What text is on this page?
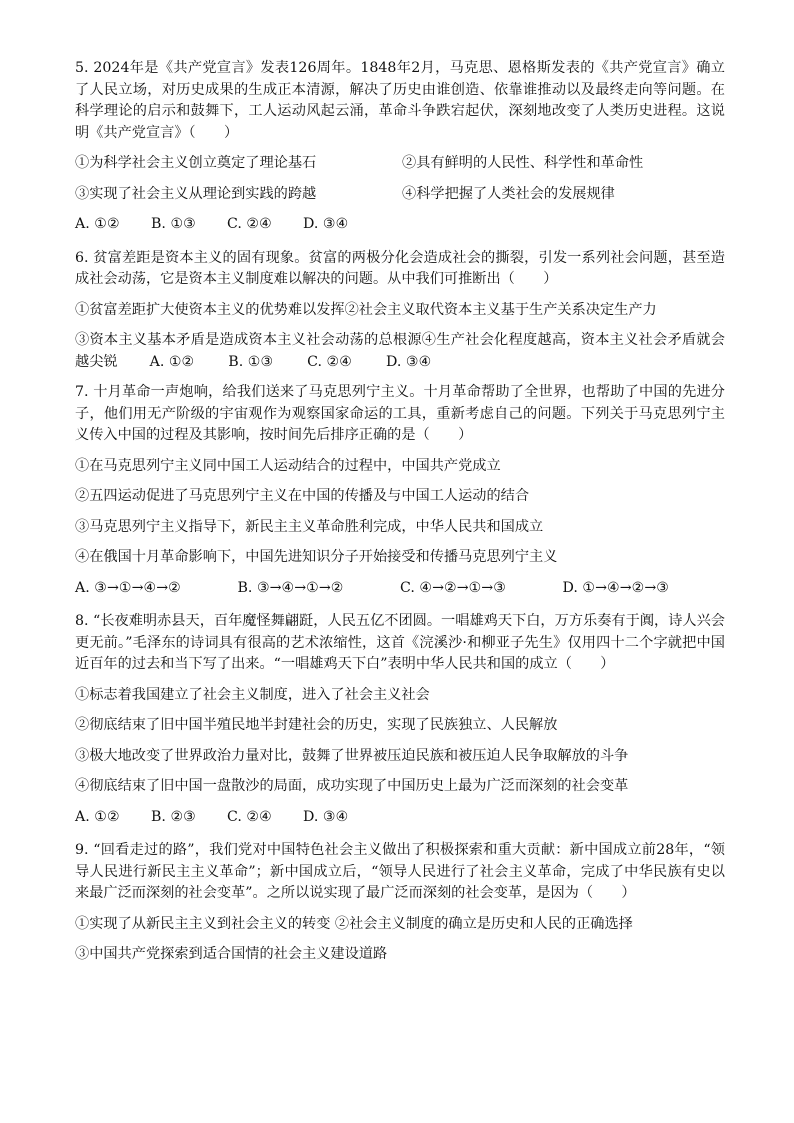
5. 2024年是《共产党宣言》发表126周年。1848年2月，马克思、恩格斯发表的《共产党宣言》确立了人民立场，对历史成果的生成正本清源，解决了历史由谁创造、依靠谁推动以及最终走向等问题。在科学理论的启示和鼓舞下，工人运动风起云涌，革命斗争跌宕起伏，深刻地改变了人类历史进程。这说明《共产党宣言》（　　）

①为科学社会主义创立奠定了理论基石	②具有鲜明的人民性、科学性和革命性
③实现了社会主义从理论到实践的跨越	④科学把握了人类社会的发展规律
A. ①②	B. ①③	C. ②④	D. ③④

6. 贫富差距是资本主义的固有现象。贫富的两极分化会造成社会的撕裂，引发一系列社会问题，甚至造成社会动荡，它是资本主义制度难以解决的问题。从中我们可推断出（　　）

①贫富差距扩大使资本主义的优势难以发挥②社会主义取代资本主义基于生产关系决定生产力

③资本主义基本矛盾是造成资本主义社会动荡的总根源④生产社会化程度越高，资本主义社会矛盾就会越尖锐 A. ①② B. ①③ C. ②④ D. ③④

7. 十月革命一声炮响，给我们送来了马克思列宁主义。十月革命帮助了全世界，也帮助了中国的先进分子，他们用无产阶级的宇宙观作为观察国家命运的工具，重新考虑自己的问题。下列关于马克思列宁主义传入中国的过程及其影响，按时间先后排序正确的是（　　）

①在马克思列宁主义同中国工人运动结合的过程中，中国共产党成立

②五四运动促进了马克思列宁主义在中国的传播及与中国工人运动的结合

③马克思列宁主义指导下，新民主主义革命胜利完成，中华人民共和国成立

④在俄国十月革命影响下，中国先进知识分子开始接受和传播马克思列宁主义

A. ③→①→④→②	B. ③→④→①→②	C. ④→②→①→③	D. ①→④→②→③

8. “长夜难明赤县天，百年魔怪舞翩跹，人民五亿不团圆。一唱雄鸡天下白，万方乐奏有于阗，诗人兴会更无前。”毛泽东的诗词具有很高的艺术浓缩性，这首《浣溪沙·和柳亚子先生》仅用四十二个字就把中国近百年的过去和当下写了出来。“一唱雄鸡天下白”表明中华人民共和国的成立（　　）

①标志着我国建立了社会主义制度，进入了社会主义社会

②彻底结束了旧中国半殖民地半封建社会的历史，实现了民族独立、人民解放

③极大地改变了世界政治力量对比，鼓舞了世界被压迫民族和被压迫人民争取解放的斗争

④彻底结束了旧中国一盘散沙的局面，成功实现了中国历史上最为广泛而深刻的社会变革

A. ①②	B. ②③	C. ②④	D. ③④

9. “回看走过的路”，我们党对中国特色社会主义做出了积极探索和重大贡献：新中国成立前28年，“领导人民进行新民主主义革命”；新中国成立后，“领导人民进行了社会主义革命，完成了中华民族有史以来最广泛而深刻的社会变革”。之所以说实现了最广泛而深刻的社会变革，是因为（　　）

①实现了从新民主主义到社会主义的转变 ②社会主义制度的确立是历史和人民的正确选择

③中国共产党探索到适合国情的社会主义建设道路
